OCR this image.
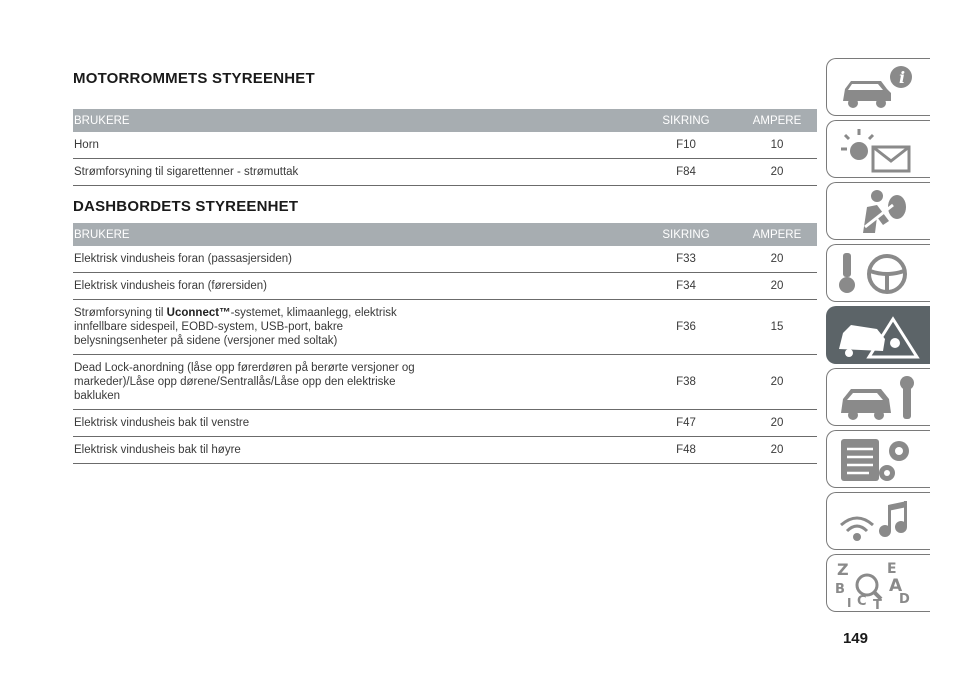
MOTORROMMETS STYREENHET
BRUKERE	SIKRING	AMPERE
Horn	F10	10
Strømforsyning til sigarettenner - strømuttak	F84	20
DASHBORDETS STYREENHET
BRUKERE	SIKRING	AMPERE
Elektrisk vindusheis foran (passasjersiden)	F33	20
Elektrisk vindusheis foran (førersiden)	F34	20
Strømforsyning til Uconnect™-systemet, klimaanlegg, elektrisk innfellbare sidespeil, EOBD-system, USB-port, bakre belysningsenheter på sidene (versjoner med soltak)	F36	15
Dead Lock-anordning (låse opp førerdøren på berørte versjoner og markeder)/Låse opp dørene/Sentrallås/Låse opp den elektriske bakluken	F38	20
Elektrisk vindusheis bak til venstre	F47	20
Elektrisk vindusheis bak til høyre	F48	20
i
Z	E
B	A
D
C
I T
149
